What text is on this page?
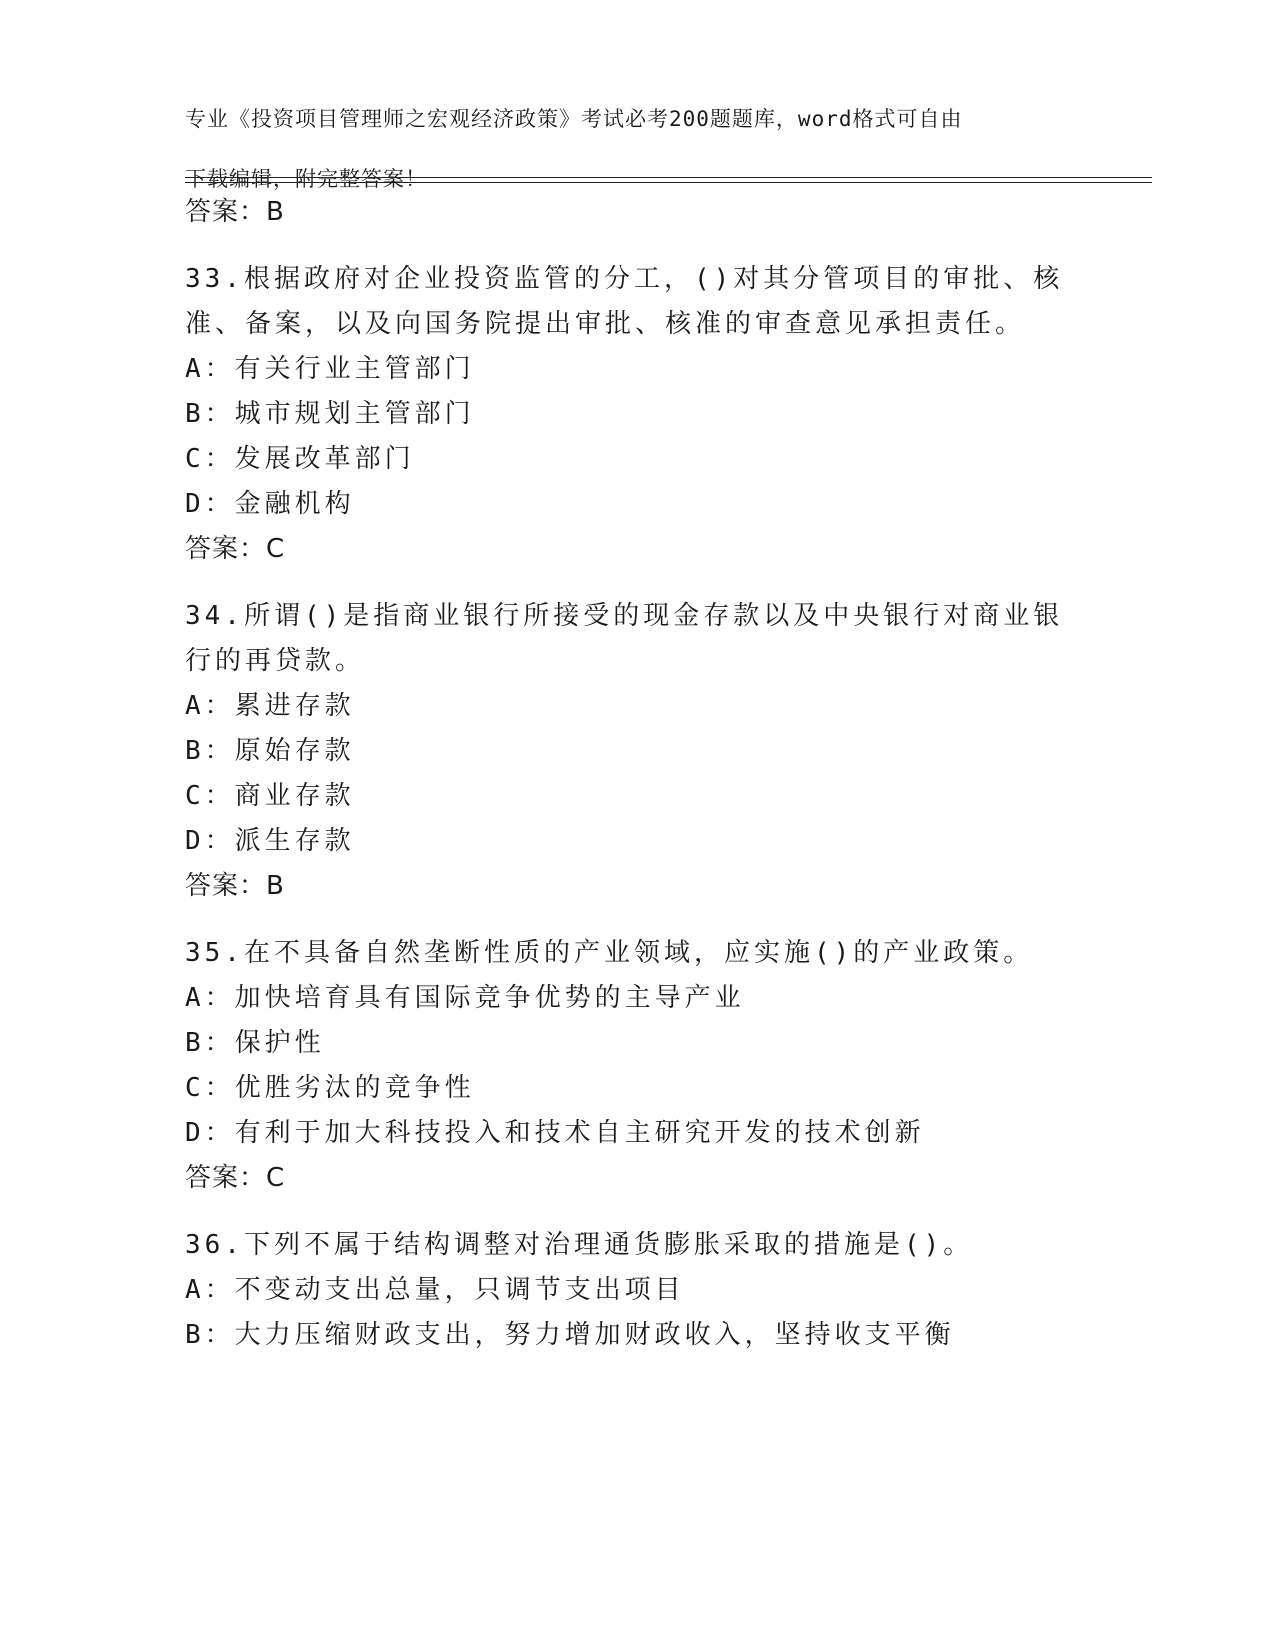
专业《投资项目管理师之宏观经济政策》考试必考200题题库，word格式可自由

下载编辑，附完整答案！

答案：B
33.根据政府对企业投资监管的分工，()对其分管项目的审批、核准、备案，以及向国务院提出审批、核准的审查意见承担责任。
A：有关行业主管部门
B：城市规划主管部门
C：发展改革部门
D：金融机构
答案：C
34.所谓()是指商业银行所接受的现金存款以及中央银行对商业银行的再贷款。
A：累进存款
B：原始存款
C：商业存款
D：派生存款
答案：B
35.在不具备自然垄断性质的产业领域，应实施()的产业政策。
A：加快培育具有国际竞争优势的主导产业
B：保护性
C：优胜劣汰的竞争性
D：有利于加大科技投入和技术自主研究开发的技术创新
答案：C
36.下列不属于结构调整对治理通货膨胀采取的措施是()。
A：不变动支出总量，只调节支出项目
B：大力压缩财政支出，努力增加财政收入，坚持收支平衡
